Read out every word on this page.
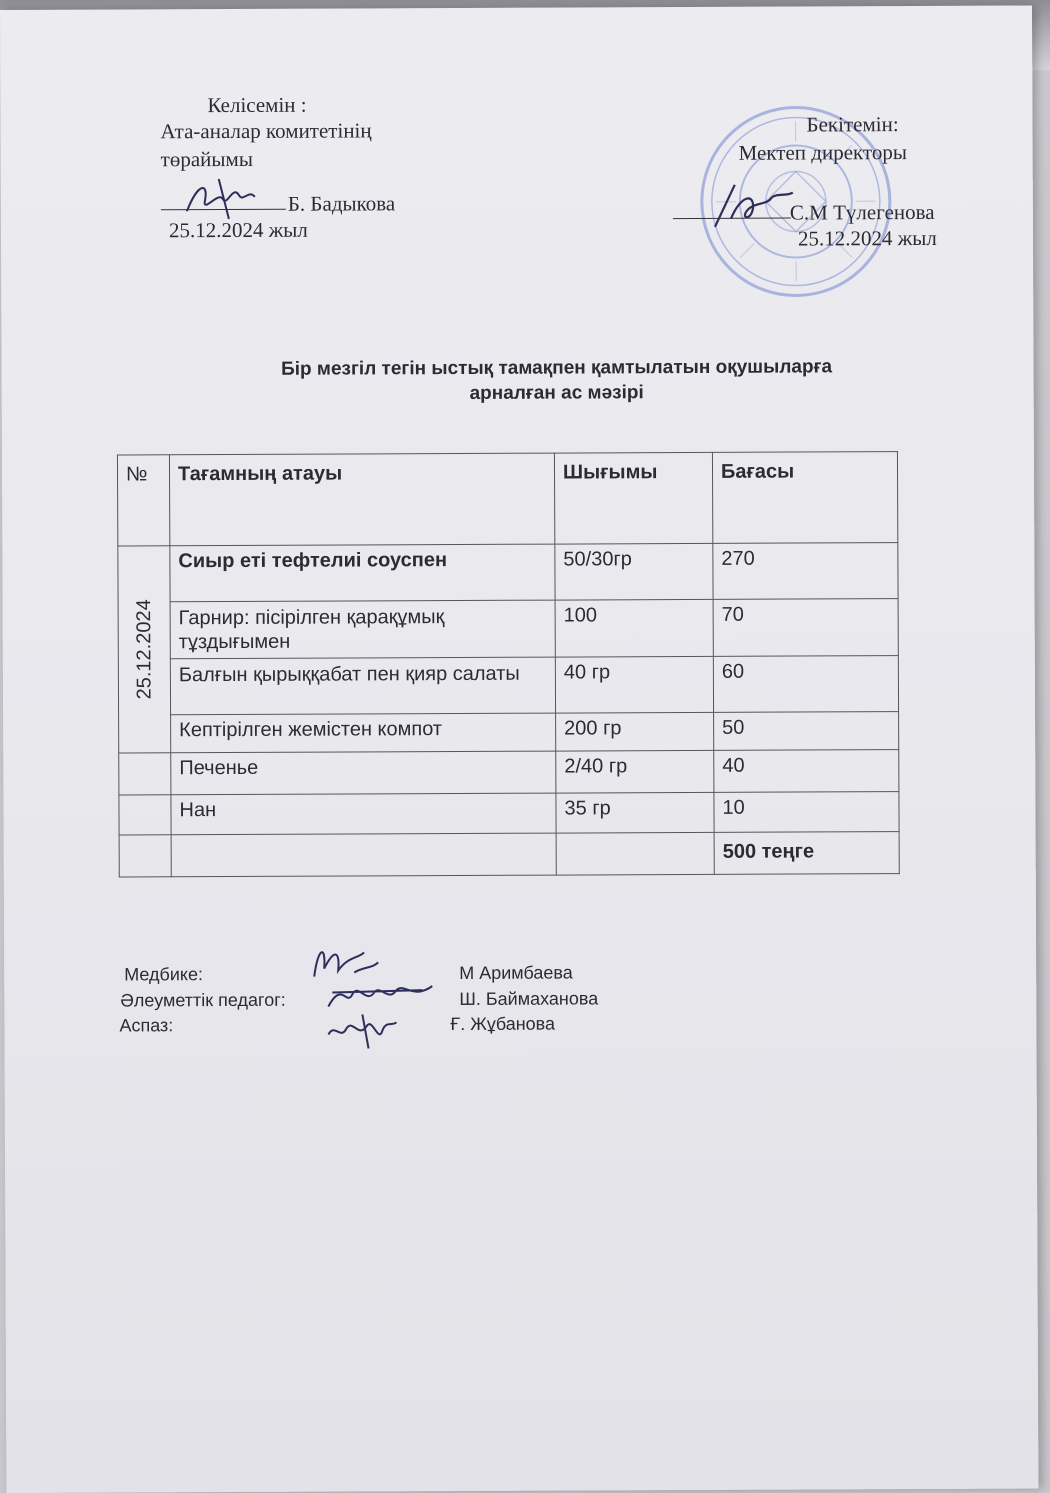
Келісемін :
Ата-аналар комитетінің
төрайымы
Б. Бадыкова
25.12.2024 жыл
Бекітемін:
Мектеп директоры
С.М Түлегенова
25.12.2024 жыл
Бір мезгіл тегін ыстық тамақпен қамтылатын оқушыларға
арналған ас мәзірі
№	Тағамның атауы	Шығымы	Бағасы

25.12.2024	Сиыр еті тефтелиі соуспен	50/30гр	270
	Гарнир: пісірілген қарақұмық тұздығымен	100	70
	Балғын қырыққабат пен қияр салаты	40 гр	60
	Кептірілген жемістен компот	200 гр	50
	Печенье	2/40 гр	40
	Нан	35 гр	10
			500 теңге
Медбике:
Әлеуметтік педагог:
Аспаз:
М Аримбаева
Ш. Баймаханова
Ғ. Жұбанова
